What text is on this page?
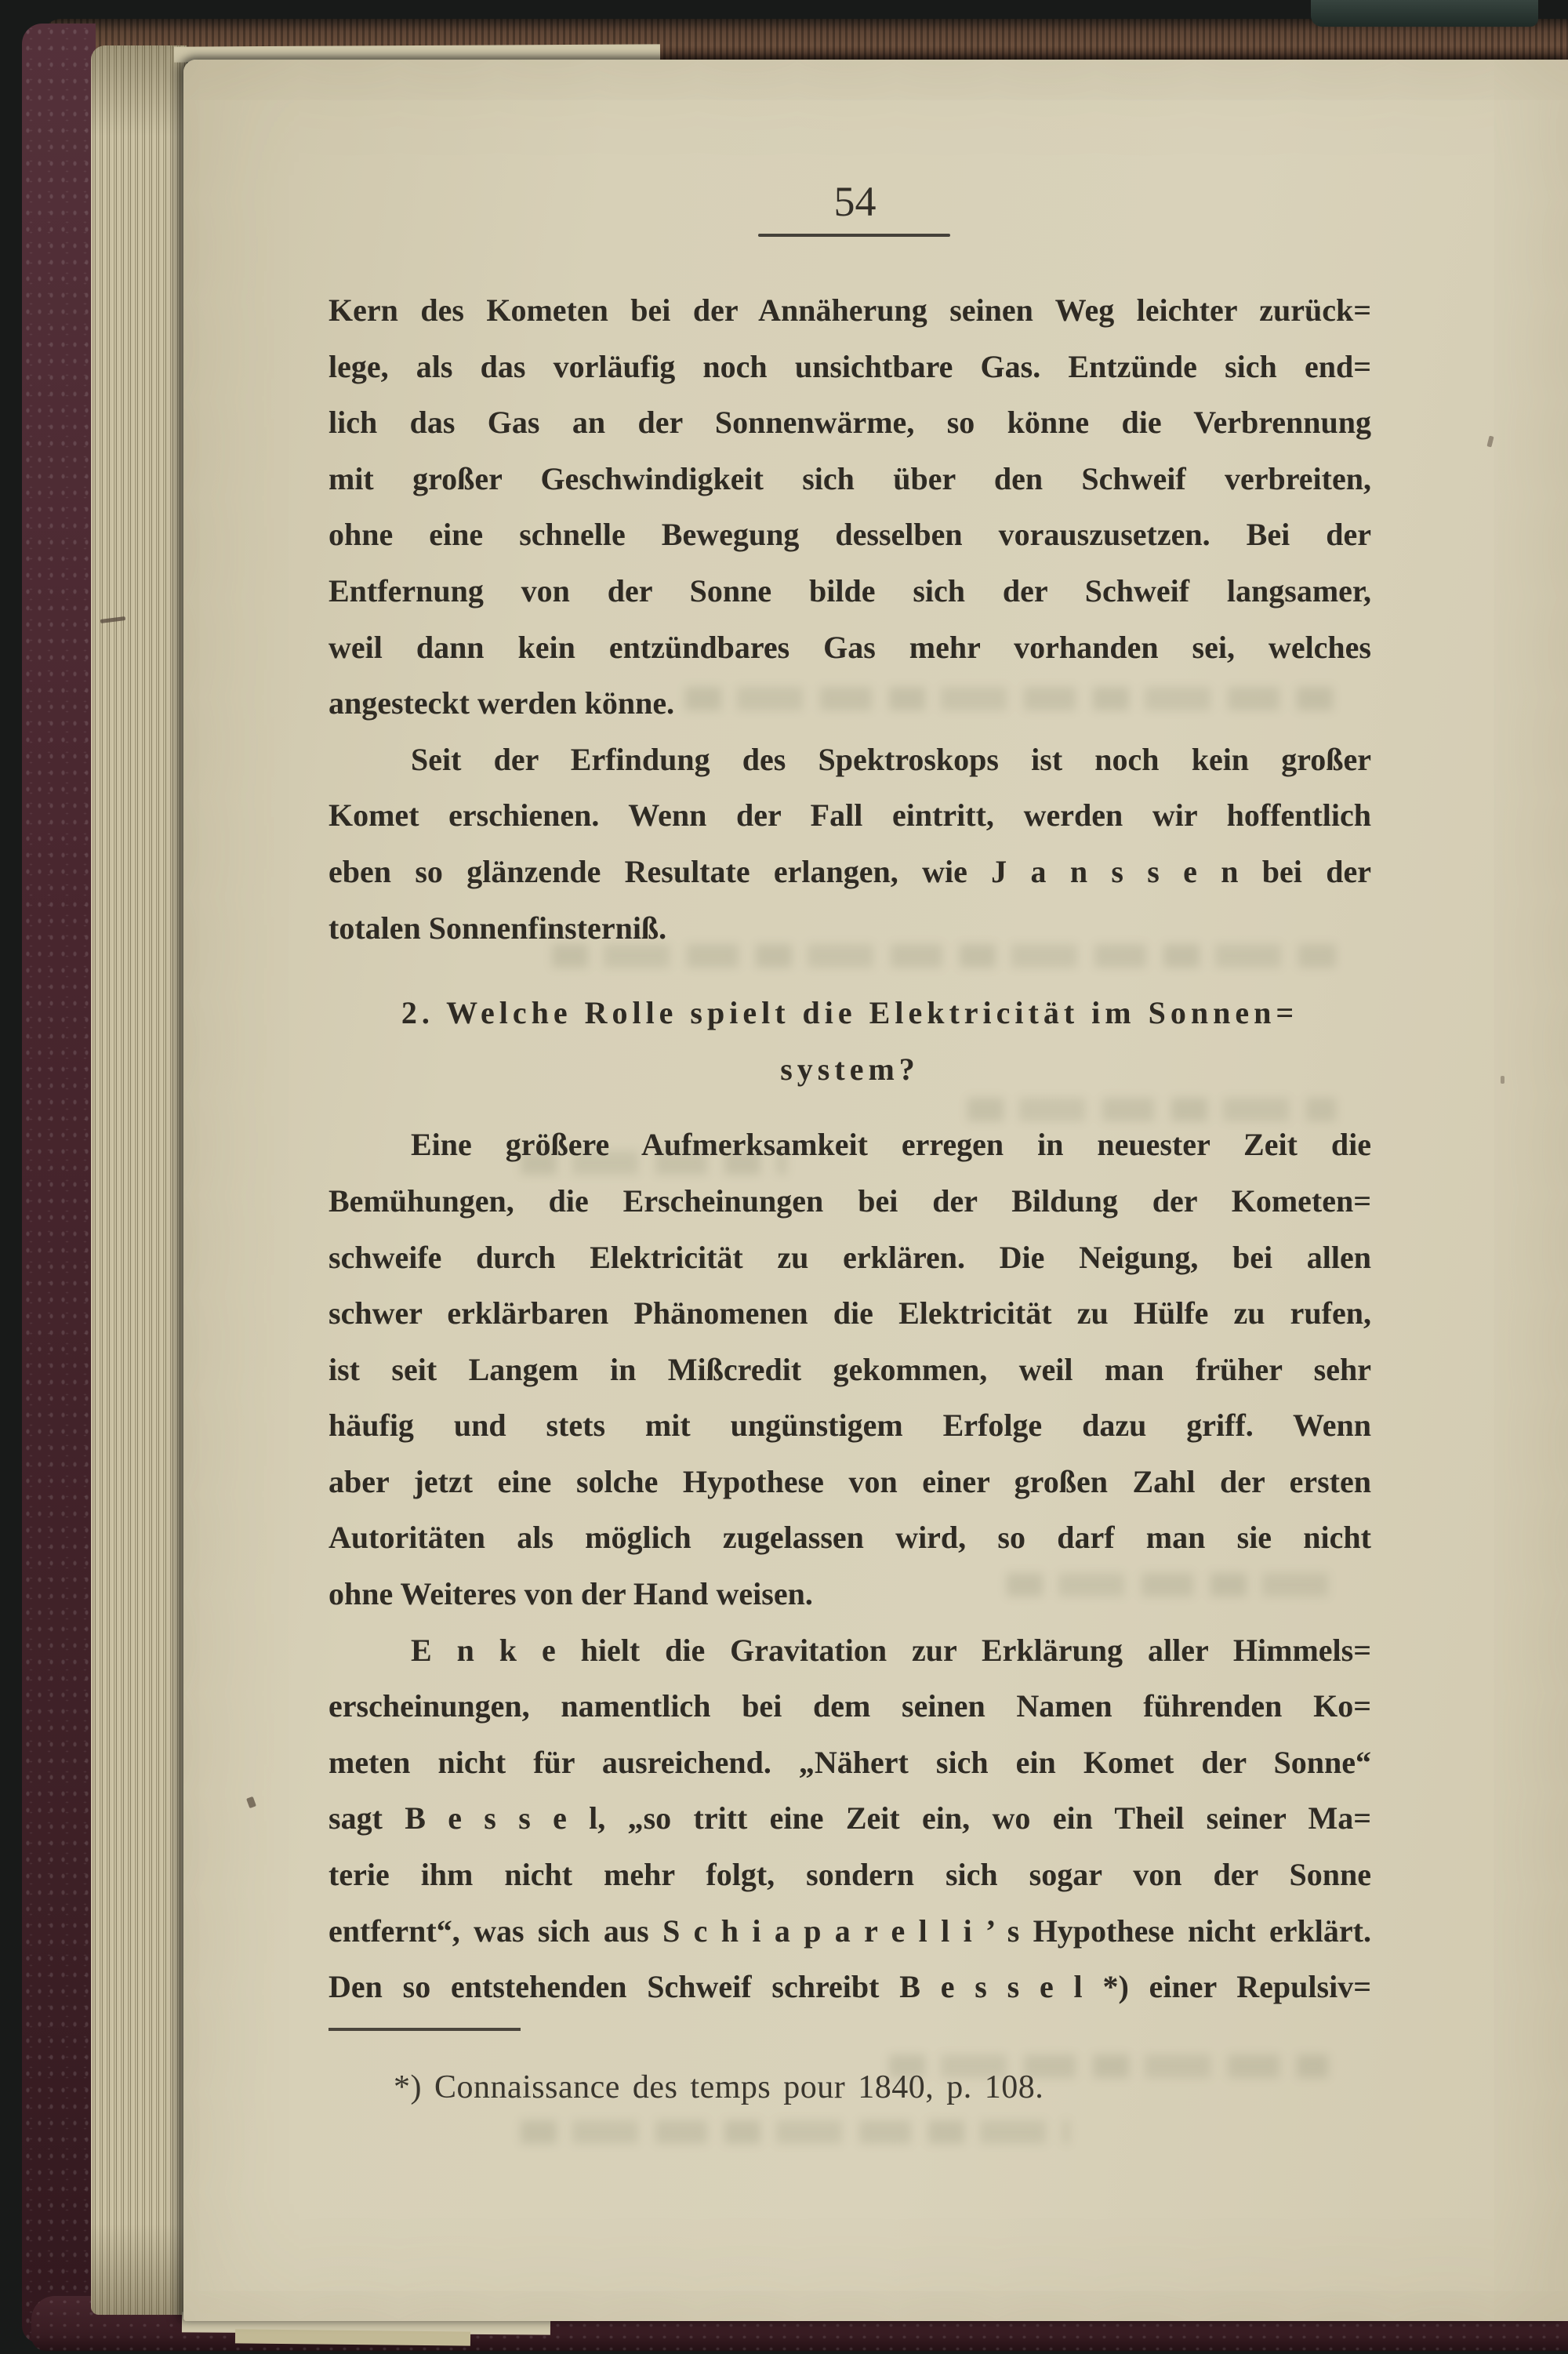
54
Kern des Kometen bei der Annäherung seinen Weg leichter zurück=
lege, als das vorläufig noch unsichtbare Gas. Entzünde sich end=
lich das Gas an der Sonnenwärme, so könne die Verbrennung
mit großer Geschwindigkeit sich über den Schweif verbreiten,
ohne eine schnelle Bewegung desselben vorauszusetzen. Bei der
Entfernung von der Sonne bilde sich der Schweif langsamer,
weil dann kein entzündbares Gas mehr vorhanden sei, welches
angesteckt werden könne.
Seit der Erfindung des Spektroskops ist noch kein großer
Komet erschienen. Wenn der Fall eintritt, werden wir hoffentlich
eben so glänzende Resultate erlangen, wie J a n s s e n bei der
totalen Sonnenfinsterniß.
2. Welche Rolle spielt die Elektricität im Sonnen=
system?
Eine größere Aufmerksamkeit erregen in neuester Zeit die
Bemühungen, die Erscheinungen bei der Bildung der Kometen=
schweife durch Elektricität zu erklären. Die Neigung, bei allen
schwer erklärbaren Phänomenen die Elektricität zu Hülfe zu rufen,
ist seit Langem in Mißcredit gekommen, weil man früher sehr
häufig und stets mit ungünstigem Erfolge dazu griff. Wenn
aber jetzt eine solche Hypothese von einer großen Zahl der ersten
Autoritäten als möglich zugelassen wird, so darf man sie nicht
ohne Weiteres von der Hand weisen.
E n k e hielt die Gravitation zur Erklärung aller Himmels=
erscheinungen, namentlich bei dem seinen Namen führenden Ko=
meten nicht für ausreichend. „Nähert sich ein Komet der Sonne“
sagt B e s s e l, „so tritt eine Zeit ein, wo ein Theil seiner Ma=
terie ihm nicht mehr folgt, sondern sich sogar von der Sonne
entfernt“, was sich aus S c h i a p a r e l l i ’ s Hypothese nicht erklärt.
Den so entstehenden Schweif schreibt B e s s e l *) einer Repulsiv=
*) Connaissance des temps pour 1840, p. 108.
